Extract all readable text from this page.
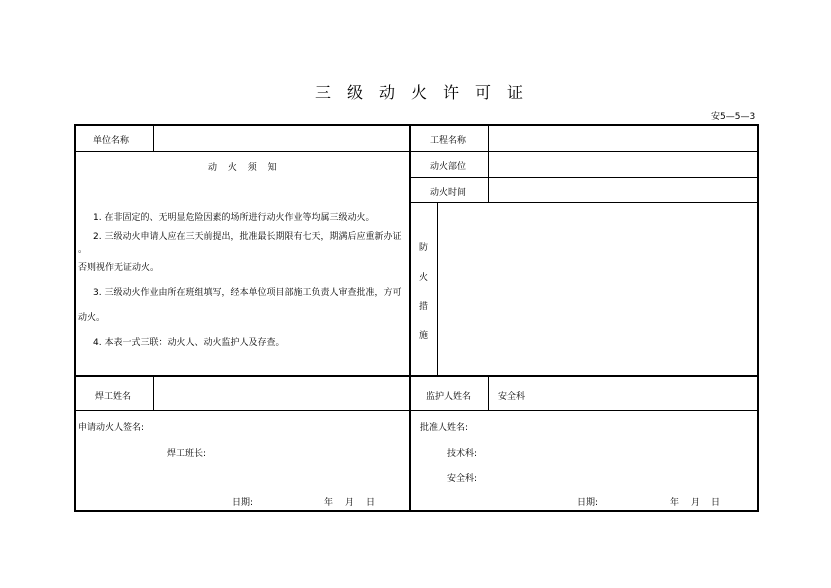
三级动火许可证
安5—5—3
单位名称	工程名称
动 火 须 知
1. 在非固定的、无明显危险因素的场所进行动火作业等均属三级动火。
2. 三级动火申请人应在三天前提出，批准最长期限有七天，期满后应重新办证
。
否则视作无证动火。
3. 三级动火作业由所在班组填写，经本单位项目部施工负责人审查批准，方可
动火。
4. 本表一式三联：动火人、动火监护人及存查。
动火部位
动火时间
防
火
措
施
焊工姓名	监护人姓名	安全科
申请动火人签名:
焊工班长:
日期:	年 月 日
批准人姓名:
技术科:
安全科:
日期:	年 月 日
